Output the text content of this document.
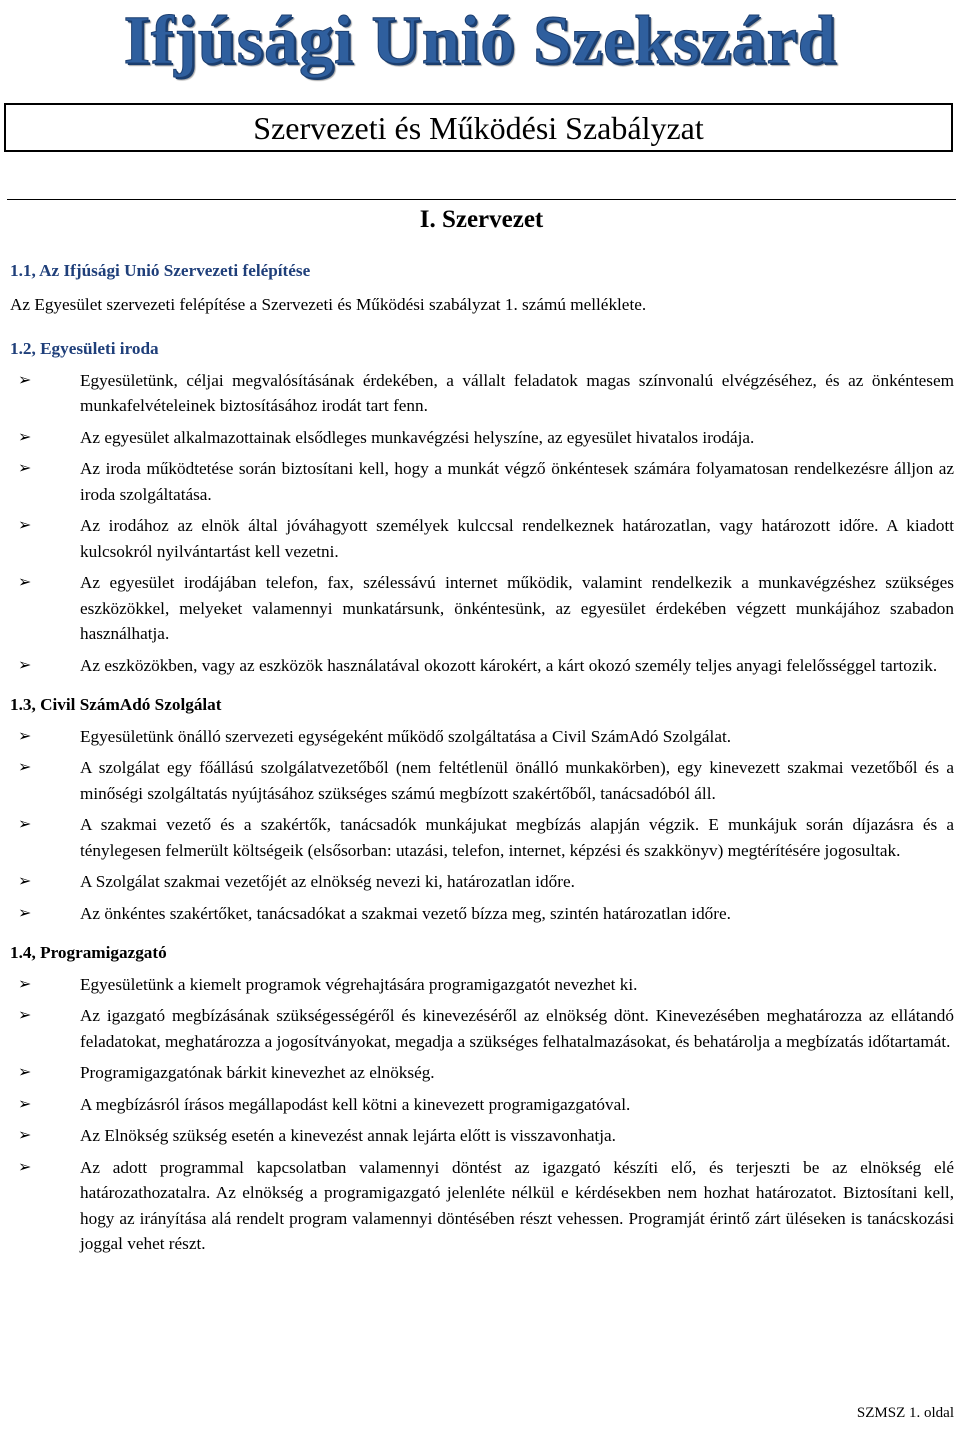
Ifjúsági Unió Szekszárd
Szervezeti és Működési Szabályzat
I. Szervezet

1.1, Az Ifjúsági Unió Szervezeti felépítése

Az Egyesület szervezeti felépítése a Szervezeti és Működési szabályzat 1. számú melléklete.

1.2, Egyesületi iroda

➢	Egyesületünk, céljai megvalósításának érdekében, a vállalt feladatok magas színvonalú elvégzéséhez, és az önkéntesem munkafelvételeinek biztosításához irodát tart fenn.
➢	Az egyesület alkalmazottainak elsődleges munkavégzési helyszíne, az egyesület hivatalos irodája.
➢	Az iroda működtetése során biztosítani kell, hogy a munkát végző önkéntesek számára folyamatosan rendelkezésre álljon az iroda szolgáltatása.
➢	Az irodához az elnök által jóváhagyott személyek kulccsal rendelkeznek határozatlan, vagy határozott időre. A kiadott kulcsokról nyilvántartást kell vezetni.
➢	Az egyesület irodájában telefon, fax, szélessávú internet működik, valamint rendelkezik a munkavégzéshez szükséges eszközökkel, melyeket valamennyi munkatársunk, önkéntesünk, az egyesület érdekében végzett munkájához szabadon használhatja.
➢	Az eszközökben, vagy az eszközök használatával okozott károkért, a kárt okozó személy teljes anyagi felelősséggel tartozik.

1.3, Civil SzámAdó Szolgálat

➢	Egyesületünk önálló szervezeti egységeként működő szolgáltatása a Civil SzámAdó Szolgálat.
➢	A szolgálat egy főállású szolgálatvezetőből (nem feltétlenül önálló munkakörben), egy kinevezett szakmai vezetőből és a minőségi szolgáltatás nyújtásához szükséges számú megbízott szakértőből, tanácsadóból áll.
➢	A szakmai vezető és a szakértők, tanácsadók munkájukat megbízás alapján végzik. E munkájuk során díjazásra és a ténylegesen felmerült költségeik (elsősorban: utazási, telefon, internet, képzési és szakkönyv) megtérítésére jogosultak.
➢	A Szolgálat szakmai vezetőjét az elnökség nevezi ki, határozatlan időre.
➢	Az önkéntes szakértőket, tanácsadókat a szakmai vezető bízza meg, szintén határozatlan időre.

1.4, Programigazgató

➢	Egyesületünk a kiemelt programok végrehajtására programigazgatót nevezhet ki.
➢	Az igazgató megbízásának szükségességéről és kinevezéséről az elnökség dönt. Kinevezésében meghatározza az ellátandó feladatokat, meghatározza a jogosítványokat, megadja a szükséges felhatalmazásokat, és behatárolja a megbízatás időtartamát.
➢	Programigazgatónak bárkit kinevezhet az elnökség.
➢	A megbízásról írásos megállapodást kell kötni a kinevezett programigazgatóval.
➢	Az Elnökség szükség esetén a kinevezést annak lejárta előtt is visszavonhatja.
➢	Az adott programmal kapcsolatban valamennyi döntést az igazgató készíti elő, és terjeszti be az elnökség elé határozathozatalra. Az elnökség a programigazgató jelenléte nélkül e kérdésekben nem hozhat határozatot. Biztosítani kell, hogy az irányítása alá rendelt program valamennyi döntésében részt vehessen. Programját érintő zárt üléseken is tanácskozási joggal vehet részt.
SZMSZ 1. oldal
